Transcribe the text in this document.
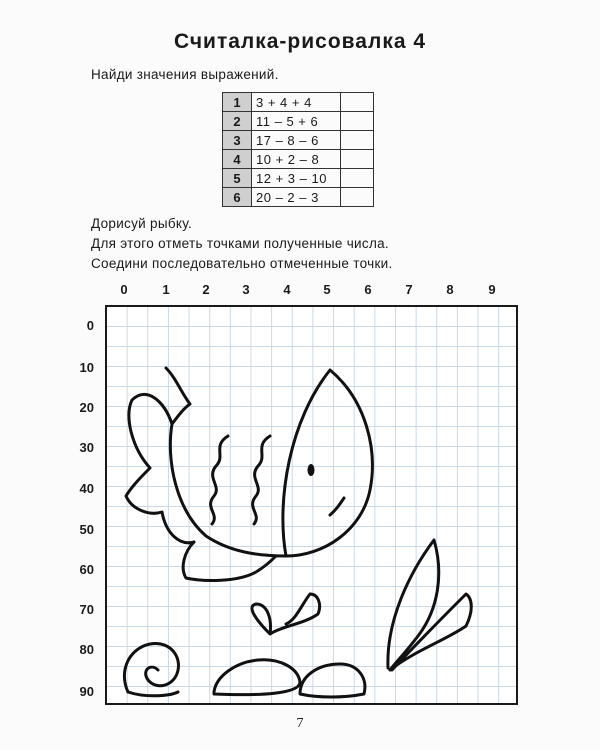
Считалка-рисовалка 4
Найди значения выражений.
1	3 + 4 + 4	
2	11 – 5 + 6	
3	17 – 8 – 6	
4	10 + 2 – 8	
5	12 + 3 – 10	
6	20 – 2 – 3	
Дорисуй рыбку.
Для этого отметь точками полученные числа.
Соедини последовательно отмеченные точки.
0	1	2	3	4	5	6	7	8	9
0
10
20
30
40
50
60
70
80
90
7
